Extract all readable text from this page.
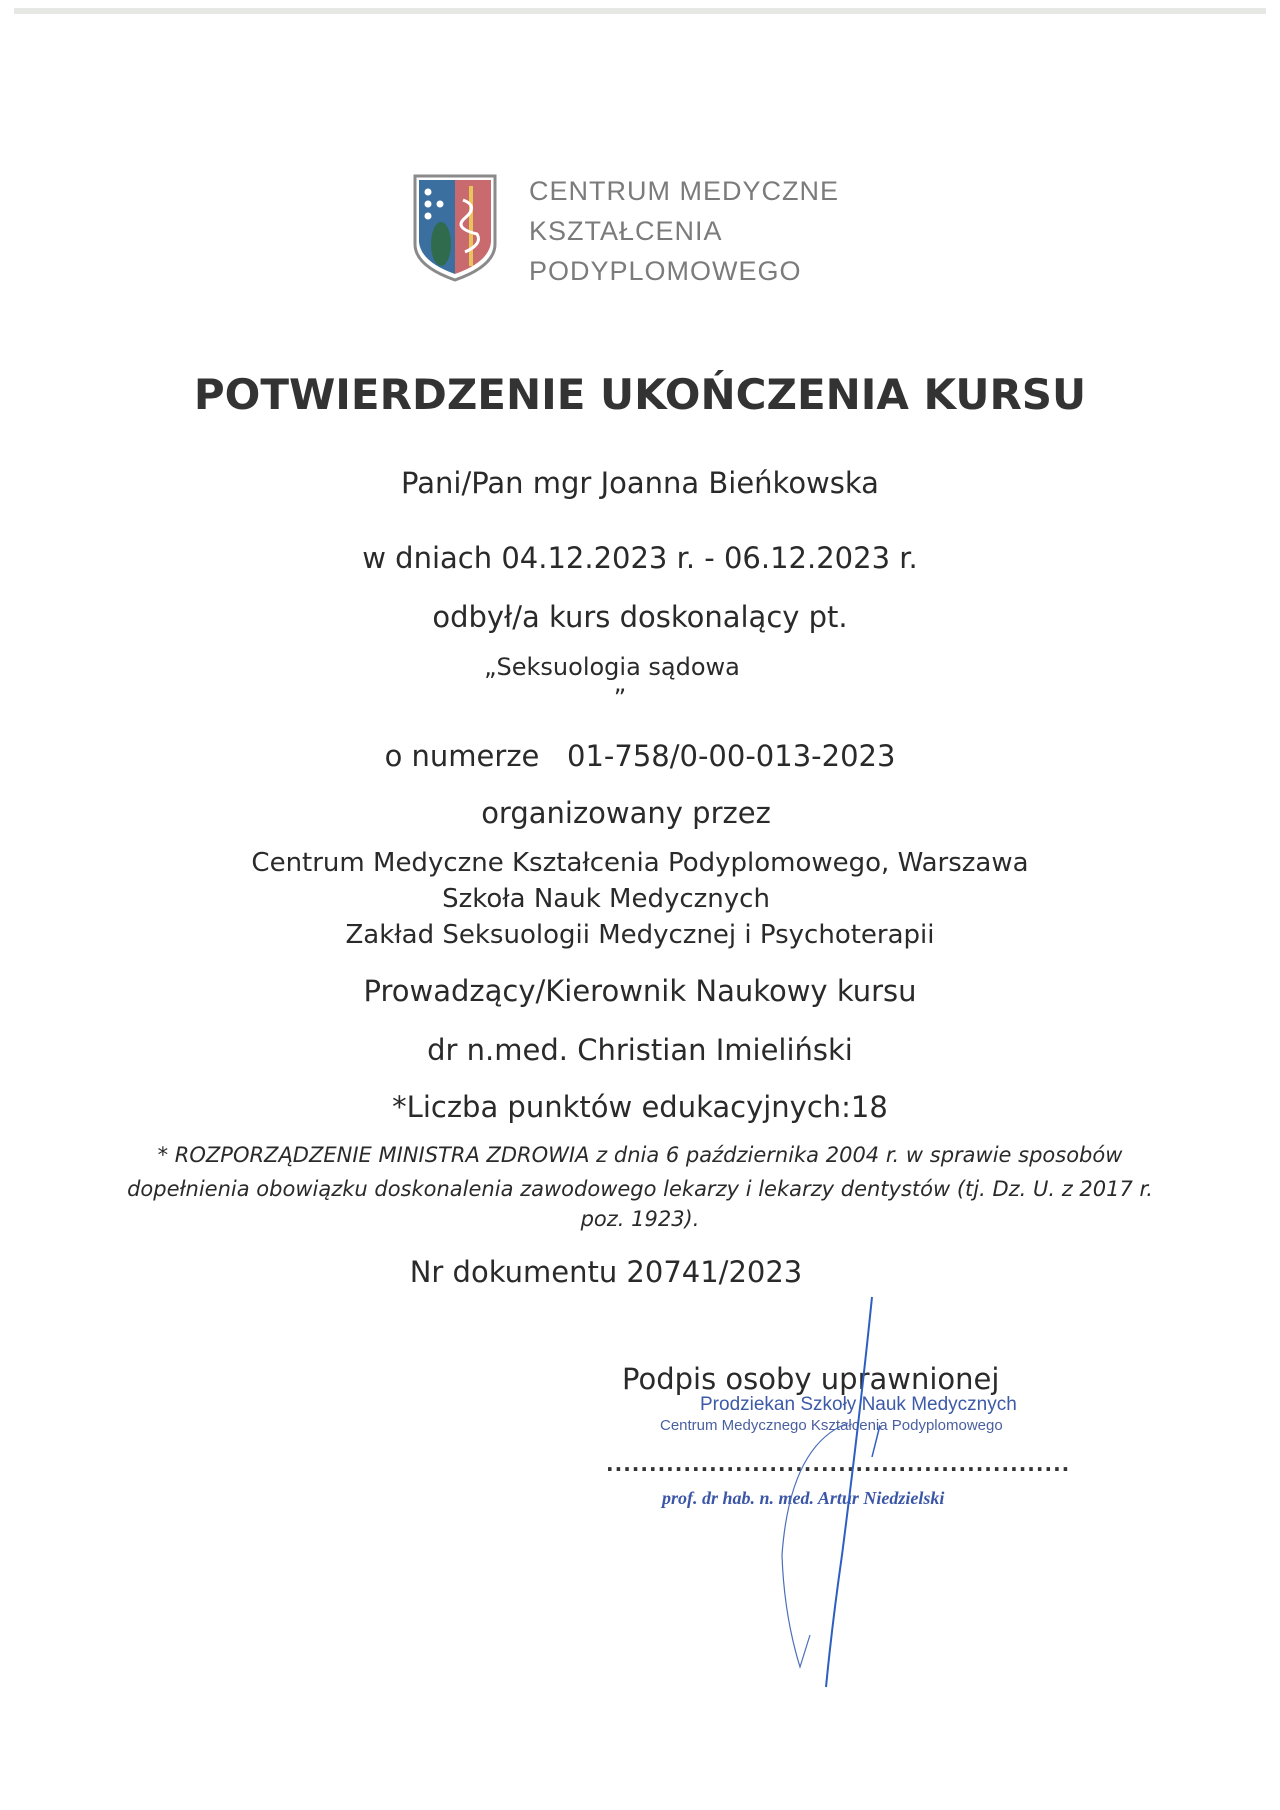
CENTRUM MEDYCZNE
KSZTAŁCENIA
PODYPLOMOWEGO
POTWIERDZENIE UKOŃCZENIA KURSU
Pani/Pan mgr Joanna Bieńkowska
w dniach 04.12.2023 r. - 06.12.2023 r.
odbył/a kurs doskonalący pt.
„Seksuologia sądowa
”
o numerze   01-758/0-00-013-2023
organizowany przez
Centrum Medyczne Kształcenia Podyplomowego, Warszawa
Szkoła Nauk Medycznych
Zakład Seksuologii Medycznej i Psychoterapii
Prowadzący/Kierownik Naukowy kursu
dr n.med. Christian Imieliński
*Liczba punktów edukacyjnych:18
* ROZPORZĄDZENIE MINISTRA ZDROWIA z dnia 6 października 2004 r. w sprawie sposobów
dopełnienia obowiązku doskonalenia zawodowego lekarzy i lekarzy dentystów (tj. Dz. U. z 2017 r.
poz. 1923).
Nr dokumentu 20741/2023
Podpis osoby uprawnionej
Prodziekan Szkoły Nauk Medycznych
Centrum Medycznego Kształcenia Podyplomowego
......................................................
prof. dr hab. n. med. Artur Niedzielski
